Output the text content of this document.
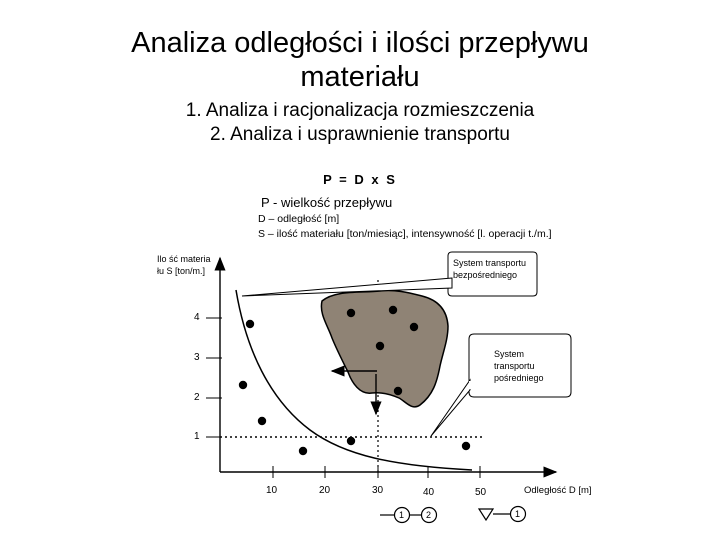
Analiza odległości i ilości przepływu
materiału
1. Analiza i racjonalizacja rozmieszczenia
2. Analiza i usprawnienie transportu
P = D x S
P - wielkość przepływu
D – odległość [m]
S – ilość materiału [ton/miesiąc], intensywność [l. operacji t./m.]
Ilo ść materia łu S [ton/m.]
4
3
2
1
10	20	30	40	50	Odległość D [m]
System transportu bezpośredniego
System transportu pośredniego
1 2	1
